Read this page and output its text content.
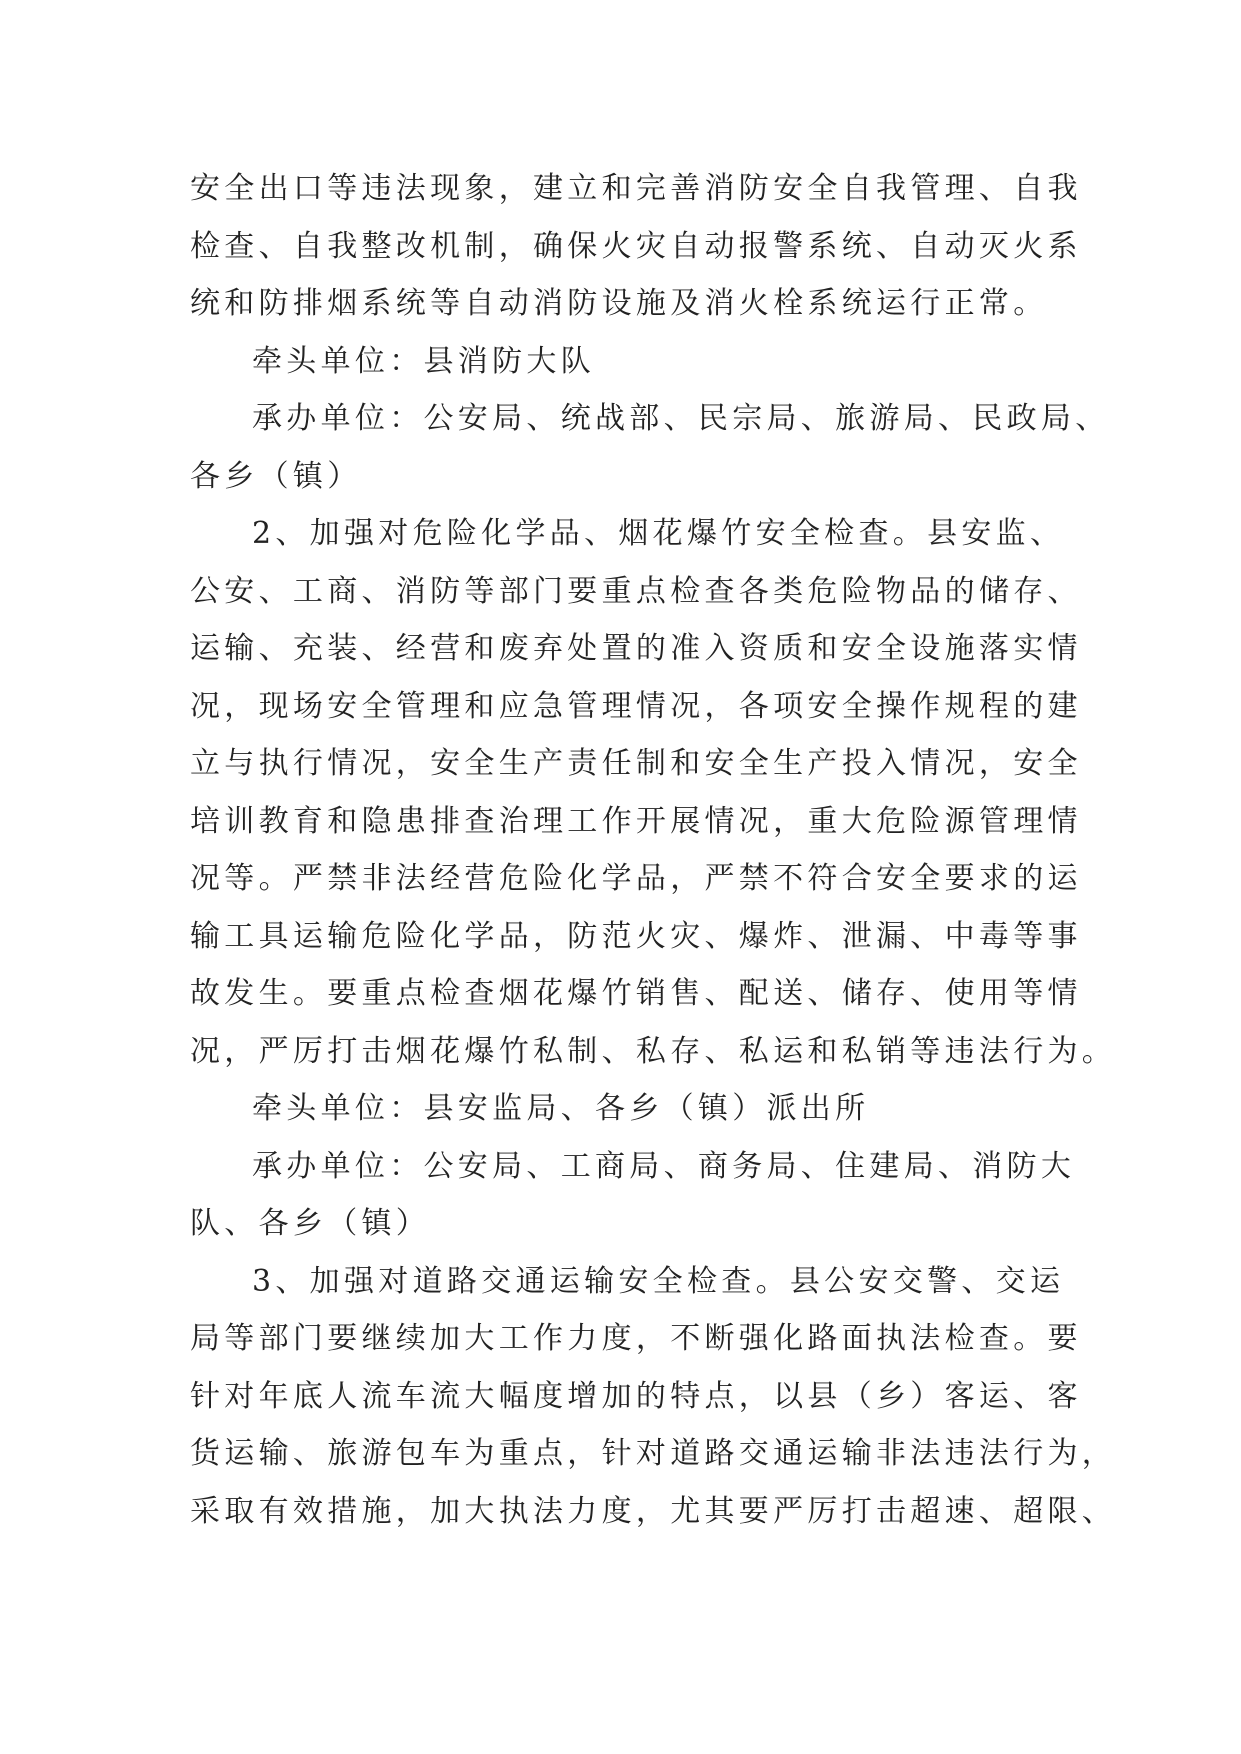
安全出口等违法现象，建立和完善消防安全自我管理、自我
检查、自我整改机制，确保火灾自动报警系统、自动灭火系
统和防排烟系统等自动消防设施及消火栓系统运行正常。
牵头单位：县消防大队
承办单位：公安局、统战部、民宗局、旅游局、民政局、
各乡（镇）
2、加强对危险化学品、烟花爆竹安全检查。县安监、
公安、工商、消防等部门要重点检查各类危险物品的储存、
运输、充装、经营和废弃处置的准入资质和安全设施落实情
况，现场安全管理和应急管理情况，各项安全操作规程的建
立与执行情况，安全生产责任制和安全生产投入情况，安全
培训教育和隐患排查治理工作开展情况，重大危险源管理情
况等。严禁非法经营危险化学品，严禁不符合安全要求的运
输工具运输危险化学品，防范火灾、爆炸、泄漏、中毒等事
故发生。要重点检查烟花爆竹销售、配送、储存、使用等情
况，严厉打击烟花爆竹私制、私存、私运和私销等违法行为。
牵头单位：县安监局、各乡（镇）派出所
承办单位：公安局、工商局、商务局、住建局、消防大
队、各乡（镇）
3、加强对道路交通运输安全检查。县公安交警、交运
局等部门要继续加大工作力度，不断强化路面执法检查。要
针对年底人流车流大幅度增加的特点，以县（乡）客运、客
货运输、旅游包车为重点，针对道路交通运输非法违法行为，
采取有效措施，加大执法力度，尤其要严厉打击超速、超限、
